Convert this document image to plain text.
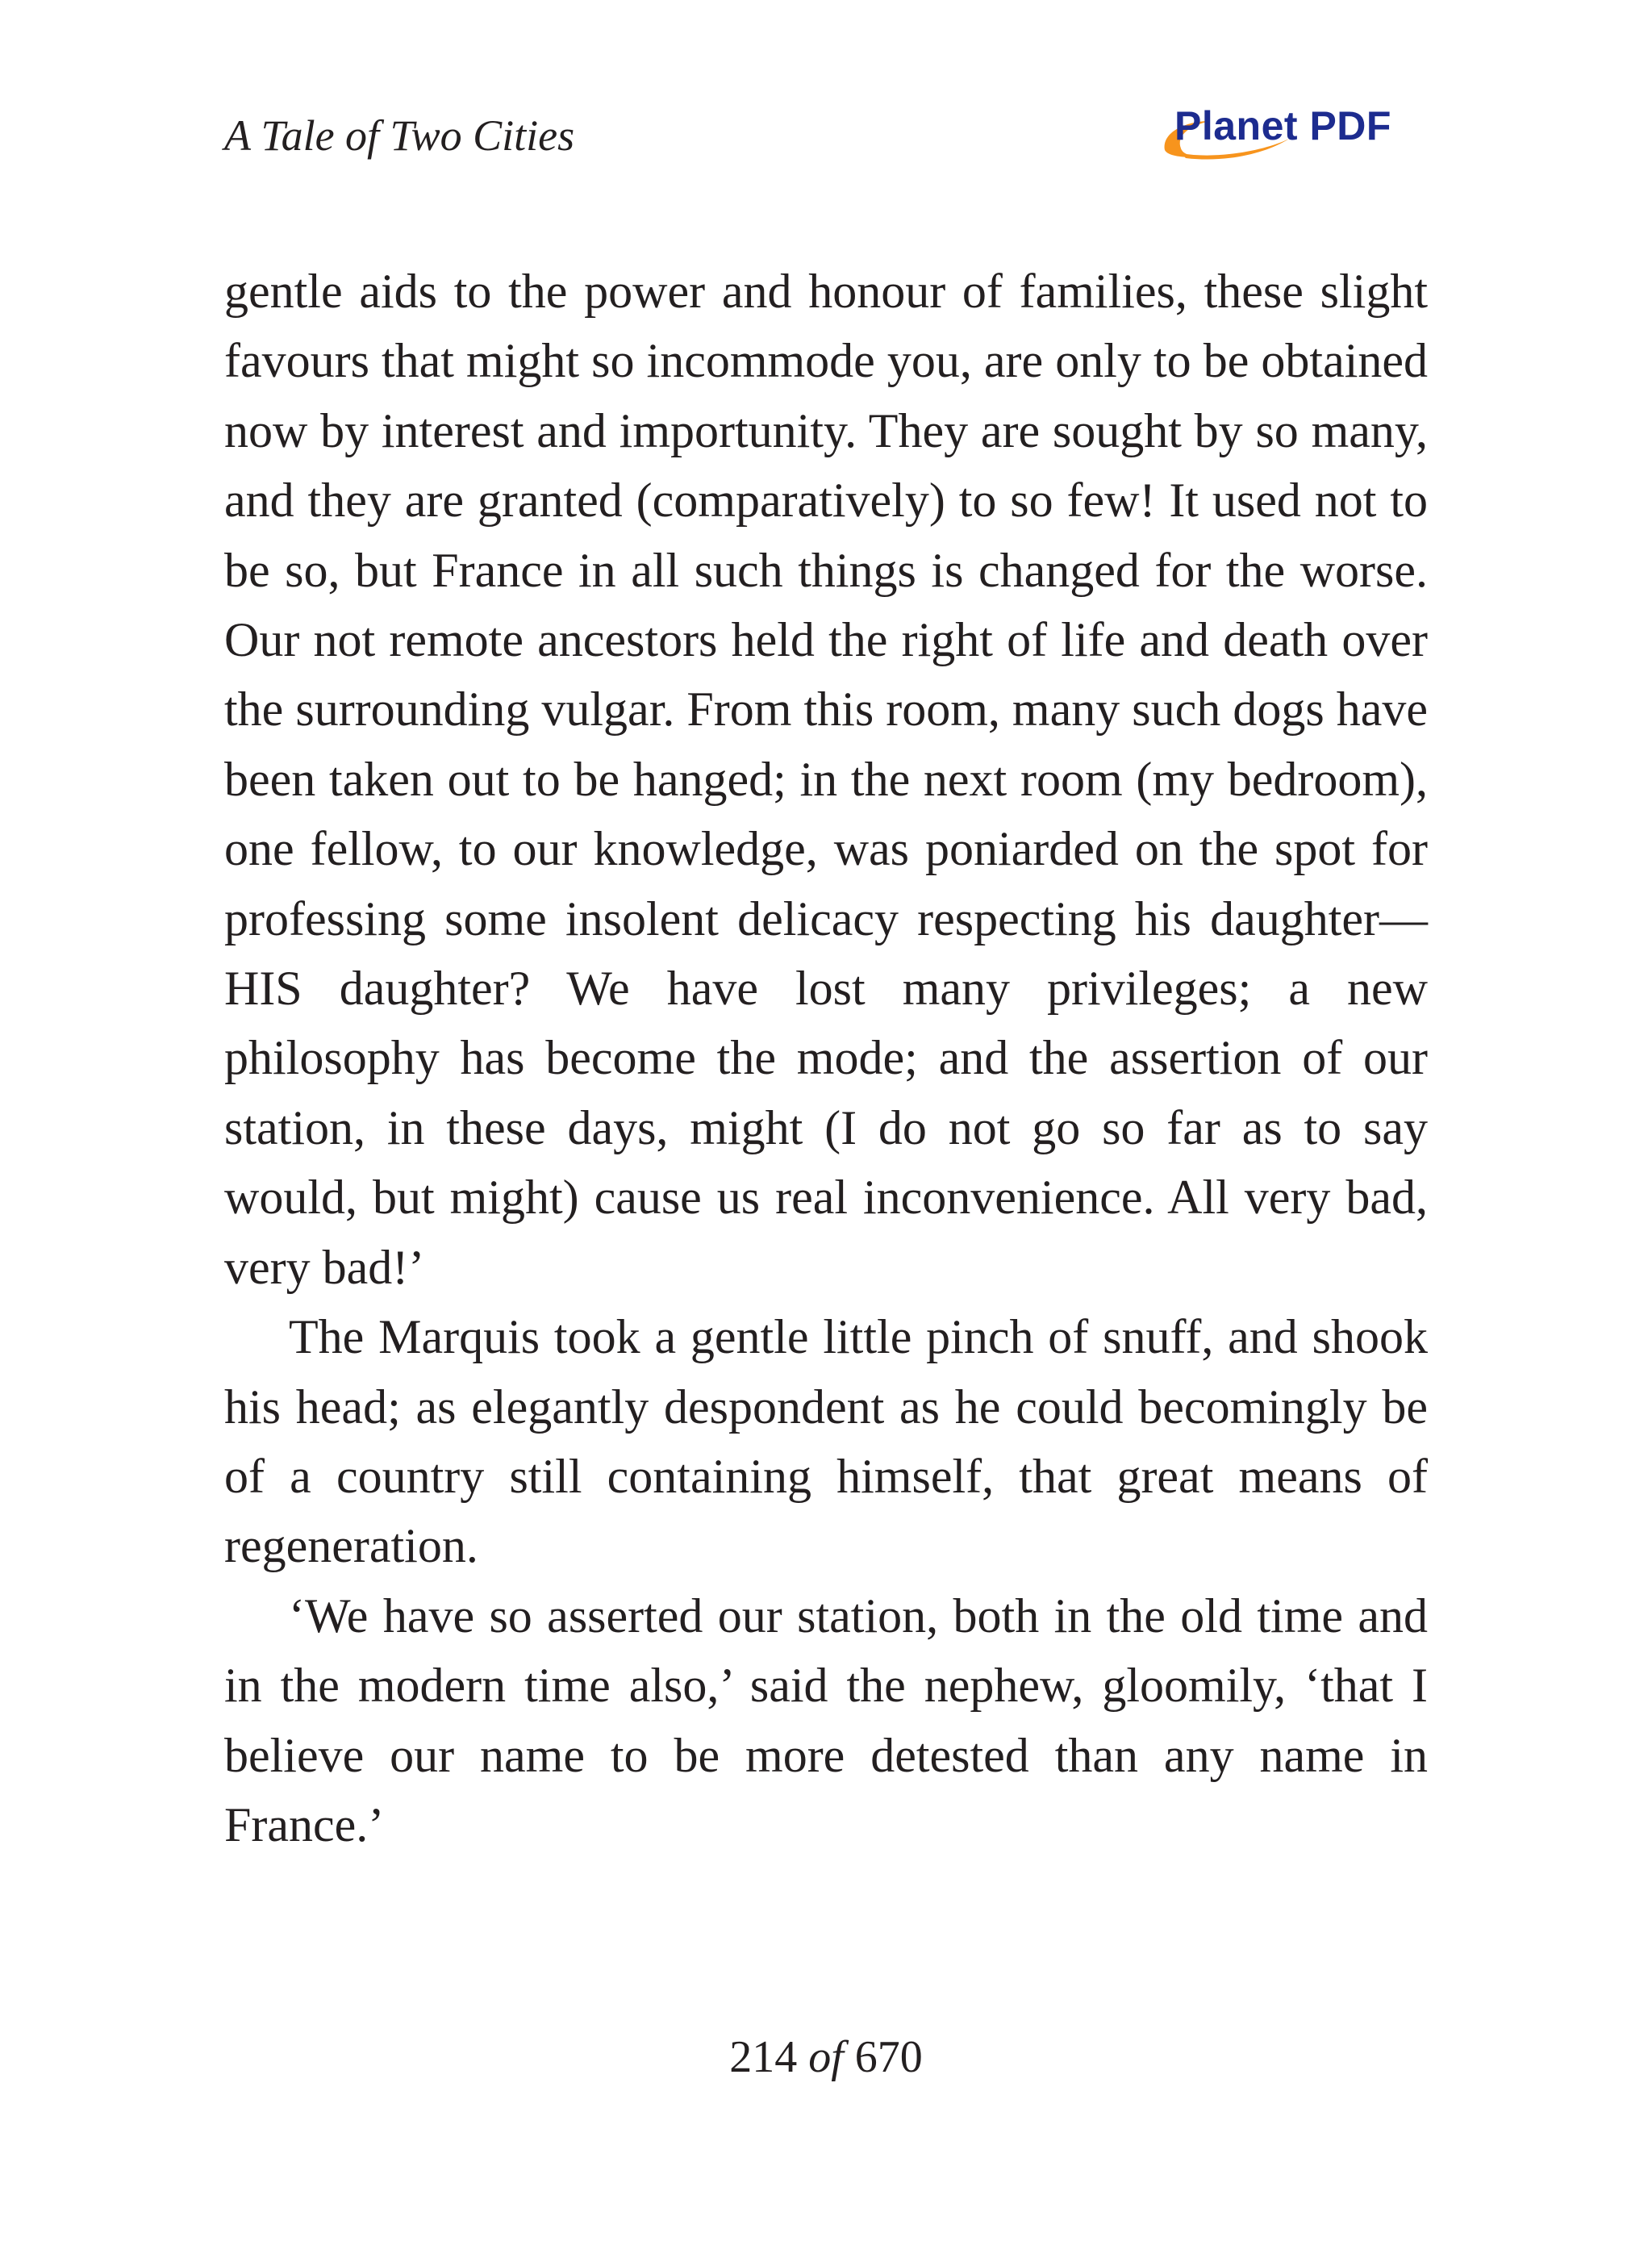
A Tale of Two Cities	Planet PDF

gentle aids to the power and honour of families, these slight favours that might so incommode you, are only to be obtained now by interest and importunity. They are sought by so many, and they are granted (comparatively) to so few! It used not to be so, but France in all such things is changed for the worse. Our not remote ancestors held the right of life and death over the surrounding vulgar. From this room, many such dogs have been taken out to be hanged; in the next room (my bedroom), one fellow, to our knowledge, was poniarded on the spot for professing some insolent delicacy respecting his daughter—HIS daughter? We have lost many privileges; a new philosophy has become the mode; and the assertion of our station, in these days, might (I do not go so far as to say would, but might) cause us real inconvenience. All very bad, very bad!’

The Marquis took a gentle little pinch of snuff, and shook his head; as elegantly despondent as he could becomingly be of a country still containing himself, that great means of regeneration.

‘We have so asserted our station, both in the old time and in the modern time also,’ said the nephew, gloomily, ‘that I believe our name to be more detested than any name in France.’

214 of 670
